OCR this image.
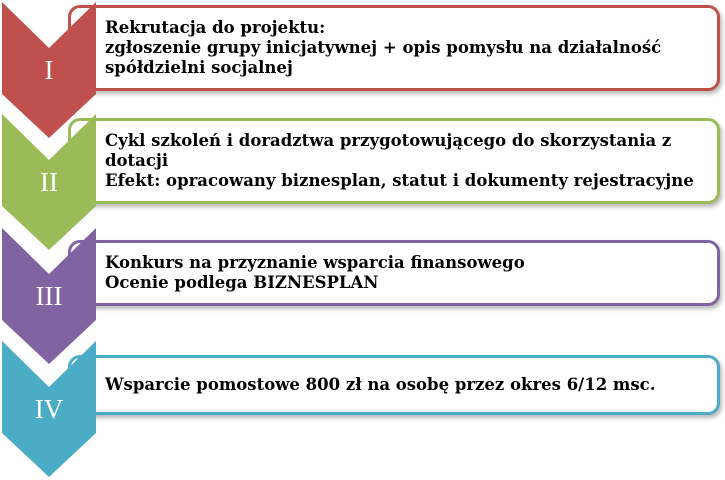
Rekrutacja do projektu:
zgłoszenie grupy inicjatywnej + opis pomysłu na działalność
spółdzielni socjalnej
Cykl szkoleń i doradztwa przygotowującego do skorzystania z
dotacji
Efekt: opracowany biznesplan, statut i dokumenty rejestracyjne
Konkurs na przyznanie wsparcia finansowego
Ocenie podlega BIZNESPLAN
Wsparcie pomostowe 800 zł na osobę przez okres 6/12 msc.
I
II
III
IV
